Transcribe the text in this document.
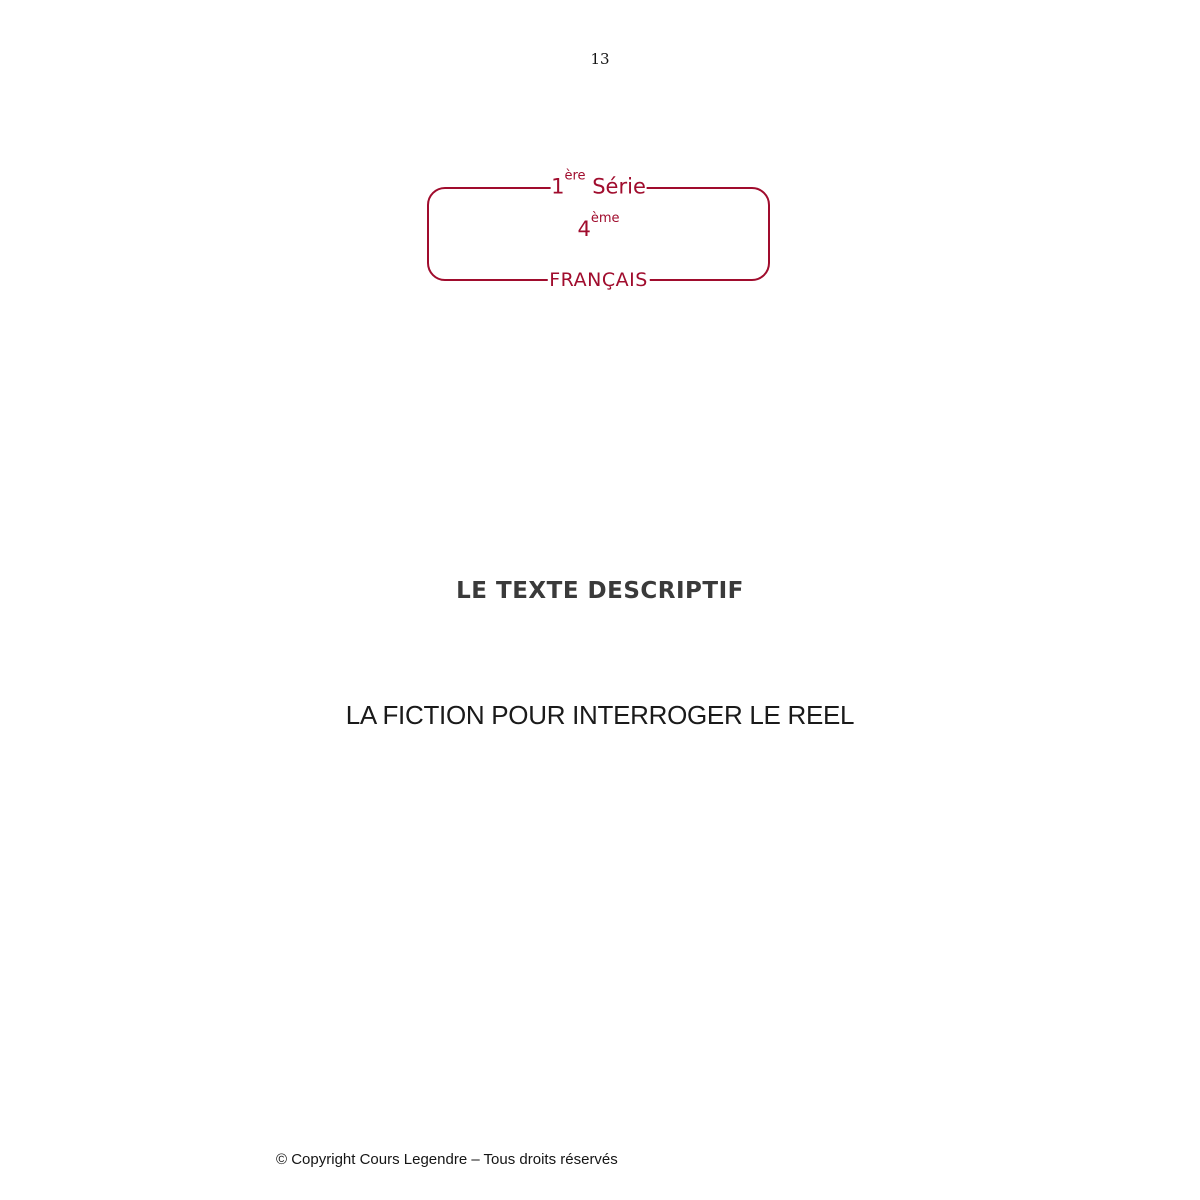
13
1ère Série
4ème
FRANÇAIS
LE TEXTE DESCRIPTIF
LA FICTION POUR INTERROGER LE REEL
© Copyright Cours Legendre – Tous droits réservés
